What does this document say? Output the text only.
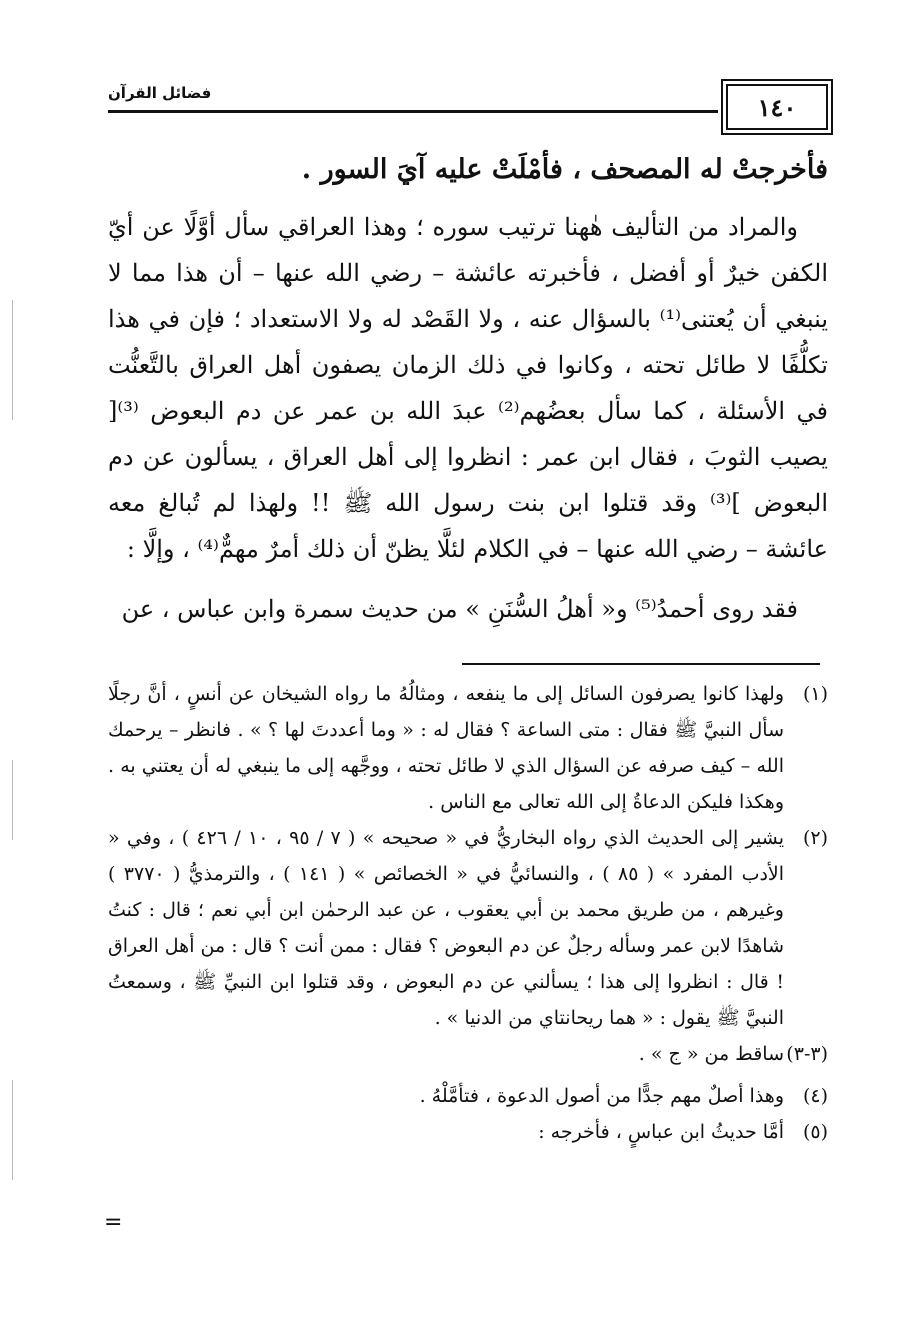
فضائل القرآن	١٤٠

فأخرجتْ له المصحف ، فأمْلَتْ عليه آيَ السور .

والمراد من التأليف هٰهنا ترتيب سوره ؛ وهذا العراقي سأل أوَّلًا عن أيّ الكفن خيرٌ أو أفضل ، فأخبرته عائشة – رضي الله عنها – أن هذا مما لا ينبغي أن يُعتنى⁽¹⁾ بالسؤال عنه ، ولا القَصْد له ولا الاستعداد ؛ فإن في هذا تكلُّفًا لا طائل تحته ، وكانوا في ذلك الزمان يصفون أهل العراق بالتَّعنُّت في الأسئلة ، كما سأل بعضُهم⁽²⁾ عبدَ الله بن عمر عن دم البعوض ⁽³⁾[ يصيب الثوبَ ، فقال ابن عمر : انظروا إلى أهل العراق ، يسألون عن دم البعوض ]⁽³⁾ وقد قتلوا ابن بنت رسول الله ﷺ !! ولهذا لم تُبالغ معه عائشة – رضي الله عنها – في الكلام لئلَّا يظنّ أن ذلك أمرٌ مهمٌّ⁽⁴⁾ ، وإلَّا :

فقد روى أحمدُ⁽⁵⁾ و« أهلُ السُّنَنِ » من حديث سمرة وابن عباس ، عن

(١)
ولهذا كانوا يصرفون السائل إلى ما ينفعه ، ومثالُهُ ما رواه الشيخان عن أنسٍ ، أنَّ رجلًا سأل النبيَّ ﷺ فقال : متى الساعة ؟ فقال له : « وما أعددتَ لها ؟ » . فانظر – يرحمك الله – كيف صرفه عن السؤال الذي لا طائل تحته ، ووجَّهه إلى ما ينبغي له أن يعتني به . وهكذا فليكن الدعاةُ إلى الله تعالى مع الناس .
(٢)
يشير إلى الحديث الذي رواه البخاريُّ في « صحيحه » ( ٧ / ٩٥ ، ١٠ / ٤٢٦ ) ، وفي « الأدب المفرد » ( ٨٥ ) ، والنسائيُّ في « الخصائص » ( ١٤١ ) ، والترمذيُّ ( ٣٧٧٠ ) وغيرهم ، من طريق محمد بن أبي يعقوب ، عن عبد الرحمٰن ابن أبي نعم ؛ قال : كنتُ شاهدًا لابن عمر وسأله رجلٌ عن دم البعوض ؟ فقال : ممن أنت ؟ قال : من أهل العراق ! قال : انظروا إلى هذا ؛ يسألني عن دم البعوض ، وقد قتلوا ابن النبيِّ ﷺ ، وسمعتُ النبيَّ ﷺ يقول : « هما ريحانتاي من الدنيا » .
(٣-٣)
ساقط من « ج » .
(٤)
وهذا أصلٌ مهم جدًّا من أصول الدعوة ، فتأمَّلْهُ .
(٥)
أمَّا حديثُ ابن عباسٍ ، فأخرجه :
=
